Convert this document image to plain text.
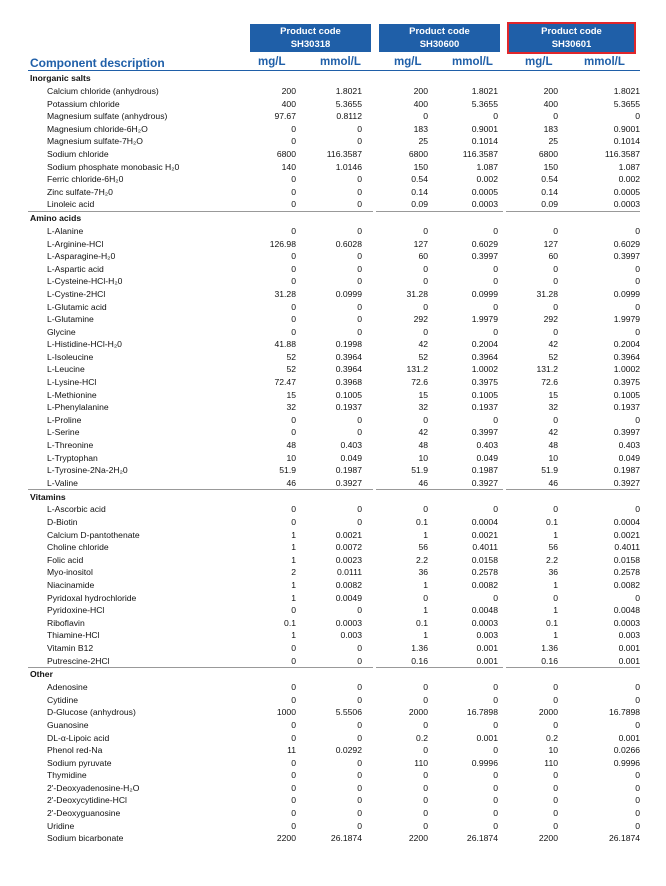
Product code
SH30318
Product code
SH30600
Product code
SH30601
Component description	mg/L	mmol/L	mg/L	mmol/L	mg/L	mmol/L
Inorganic salts						
Calcium chloride (anhydrous)	200	1.8021	200	1.8021	200	1.8021
Potassium chloride	400	5.3655	400	5.3655	400	5.3655
Magnesium sulfate (anhydrous)	97.67	0.8112	0	0	0	0
Magnesium chloride-6H₂O	0	0	183	0.9001	183	0.9001
Magnesium sulfate-7H₂O	0	0	25	0.1014	25	0.1014
Sodium chloride	6800	116.3587	6800	116.3587	6800	116.3587
Sodium phosphate monobasic H₂0	140	1.0146	150	1.087	150	1.087
Ferric chloride-6H₂0	0	0	0.54	0.002	0.54	0.002
Zinc sulfate-7H₂0	0	0	0.14	0.0005	0.14	0.0005
Linoleic acid	0	0	0.09	0.0003	0.09	0.0003
Amino acids						
L-Alanine	0	0	0	0	0	0
L-Arginine-HCl	126.98	0.6028	127	0.6029	127	0.6029
L-Asparagine-H₂0	0	0	60	0.3997	60	0.3997
L-Aspartic acid	0	0	0	0	0	0
L-Cysteine-HCl-H₂0	0	0	0	0	0	0
L-Cystine-2HCl	31.28	0.0999	31.28	0.0999	31.28	0.0999
L-Glutamic acid	0	0	0	0	0	0
L-Glutamine	0	0	292	1.9979	292	1.9979
Glycine	0	0	0	0	0	0
L-Histidine-HCl-H₂0	41.88	0.1998	42	0.2004	42	0.2004
L-Isoleucine	52	0.3964	52	0.3964	52	0.3964
L-Leucine	52	0.3964	131.2	1.0002	131.2	1.0002
L-Lysine-HCl	72.47	0.3968	72.6	0.3975	72.6	0.3975
L-Methionine	15	0.1005	15	0.1005	15	0.1005
L-Phenylalanine	32	0.1937	32	0.1937	32	0.1937
L-Proline	0	0	0	0	0	0
L-Serine	0	0	42	0.3997	42	0.3997
L-Threonine	48	0.403	48	0.403	48	0.403
L-Tryptophan	10	0.049	10	0.049	10	0.049
L-Tyrosine-2Na-2H₂0	51.9	0.1987	51.9	0.1987	51.9	0.1987
L-Valine	46	0.3927	46	0.3927	46	0.3927
Vitamins						
L-Ascorbic acid	0	0	0	0	0	0
D-Biotin	0	0	0.1	0.0004	0.1	0.0004
Calcium D-pantothenate	1	0.0021	1	0.0021	1	0.0021
Choline chloride	1	0.0072	56	0.4011	56	0.4011
Folic acid	1	0.0023	2.2	0.0158	2.2	0.0158
Myo-inositol	2	0.0111	36	0.2578	36	0.2578
Niacinamide	1	0.0082	1	0.0082	1	0.0082
Pyridoxal hydrochloride	1	0.0049	0	0	0	0
Pyridoxine-HCl	0	0	1	0.0048	1	0.0048
Riboflavin	0.1	0.0003	0.1	0.0003	0.1	0.0003
Thiamine-HCl	1	0.003	1	0.003	1	0.003
Vitamin B12	0	0	1.36	0.001	1.36	0.001
Putrescine-2HCl	0	0	0.16	0.001	0.16	0.001
Other						
Adenosine	0	0	0	0	0	0
Cytidine	0	0	0	0	0	0
D-Glucose (anhydrous)	1000	5.5506	2000	16.7898	2000	16.7898
Guanosine	0	0	0	0	0	0
DL-α-Lipoic acid	0	0	0.2	0.001	0.2	0.001
Phenol red-Na	11	0.0292	0	0	10	0.0266
Sodium pyruvate	0	0	110	0.9996	110	0.9996
Thymidine	0	0	0	0	0	0
2'-Deoxyadenosine-H₂O	0	0	0	0	0	0
2'-Deoxycytidine-HCl	0	0	0	0	0	0
2'-Deoxyguanosine	0	0	0	0	0	0
Uridine	0	0	0	0	0	0
Sodium bicarbonate	2200	26.1874	2200	26.1874	2200	26.1874
